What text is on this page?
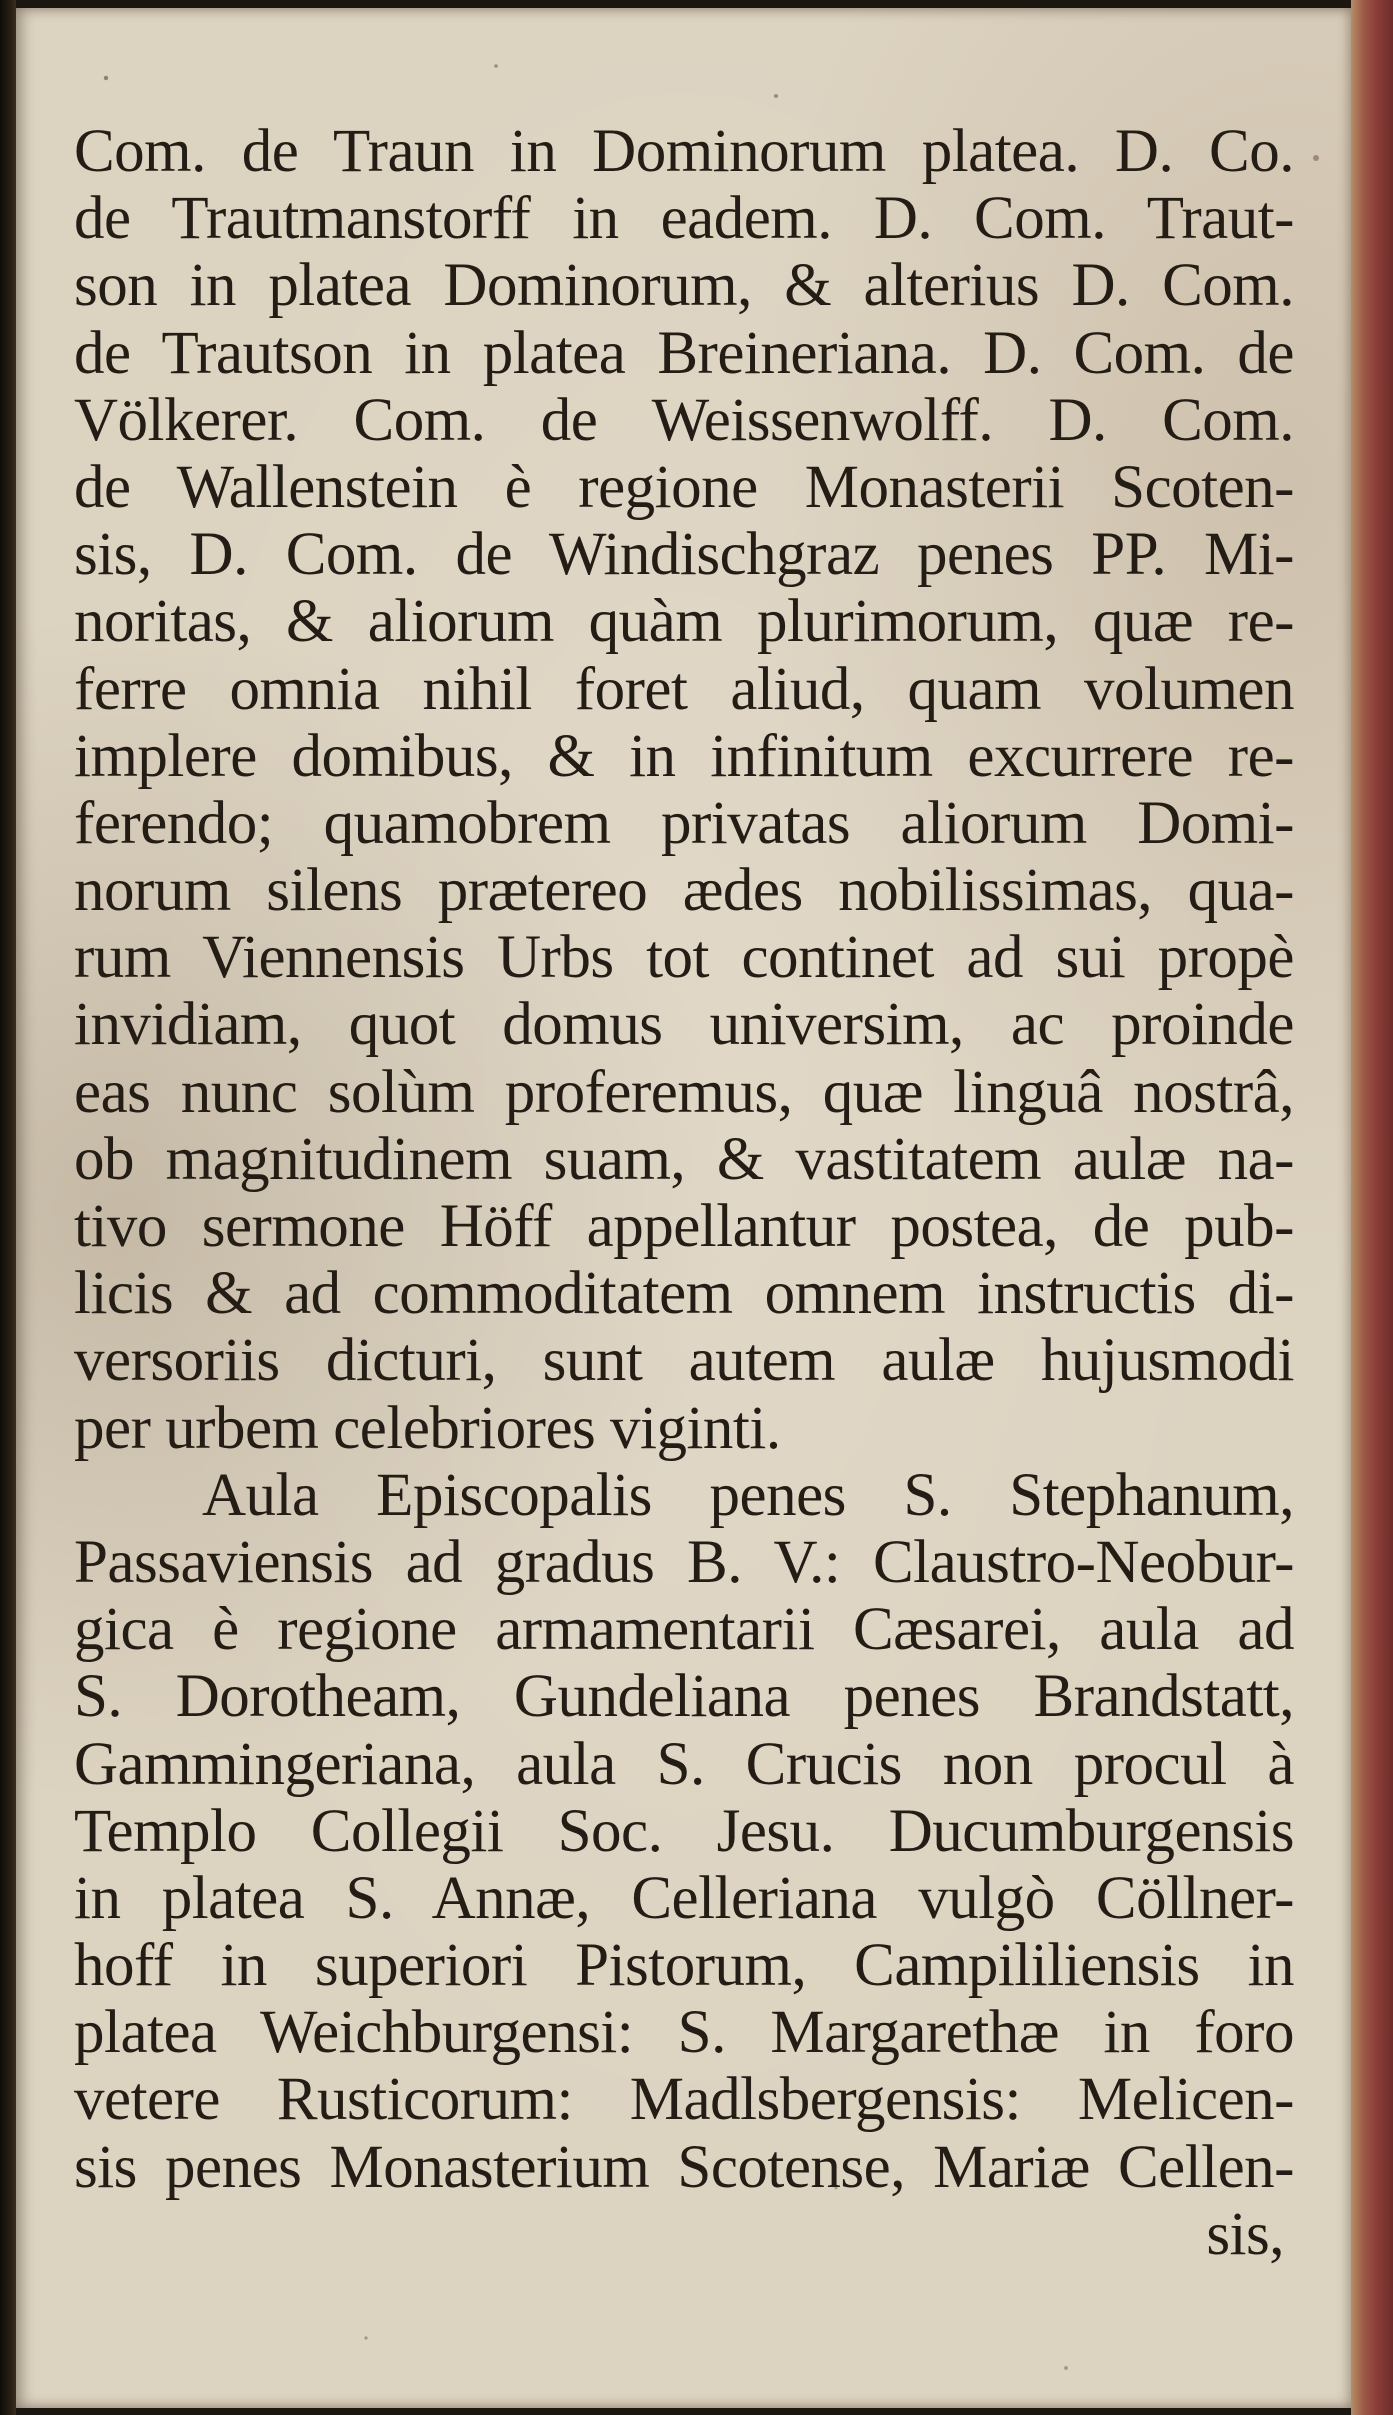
Com. de Traun in Dominorum platea. D. Co.
de Trautmanstorff in eadem. D. Com. Traut-
son in platea Dominorum, & alterius D. Com.
de Trautson in platea Breineriana. D. Com. de
Völkerer. Com. de Weissenwolff. D. Com.
de Wallenstein è regione Monasterii Scoten-
sis, D. Com. de Windischgraz penes PP. Mi-
noritas, & aliorum quàm plurimorum, quæ re-
ferre omnia nihil foret aliud, quam volumen
implere domibus, & in infinitum excurrere re-
ferendo; quamobrem privatas aliorum Domi-
norum silens prætereo ædes nobilissimas, qua-
rum Viennensis Urbs tot continet ad sui propè
invidiam, quot domus universim, ac proinde
eas nunc solùm proferemus, quæ linguâ nostrâ,
ob magnitudinem suam, & vastitatem aulæ na-
tivo sermone Höff appellantur postea, de pub-
licis & ad commoditatem omnem instructis di-
versoriis dicturi, sunt autem aulæ hujusmodi
per urbem celebriores viginti.
Aula Episcopalis penes S. Stephanum,
Passaviensis ad gradus B. V.: Claustro-Neobur-
gica è regione armamentarii Cæsarei, aula ad
S. Dorotheam, Gundeliana penes Brandstatt,
Gammingeriana, aula S. Crucis non procul à
Templo Collegii Soc. Jesu. Ducumburgensis
in platea S. Annæ, Celleriana vulgò Cöllner-
hoff in superiori Pistorum, Campililiensis in
platea Weichburgensi: S. Margarethæ in foro
vetere Rusticorum: Madlsbergensis: Melicen-
sis penes Monasterium Scotense, Mariæ Cellen-
sis,
